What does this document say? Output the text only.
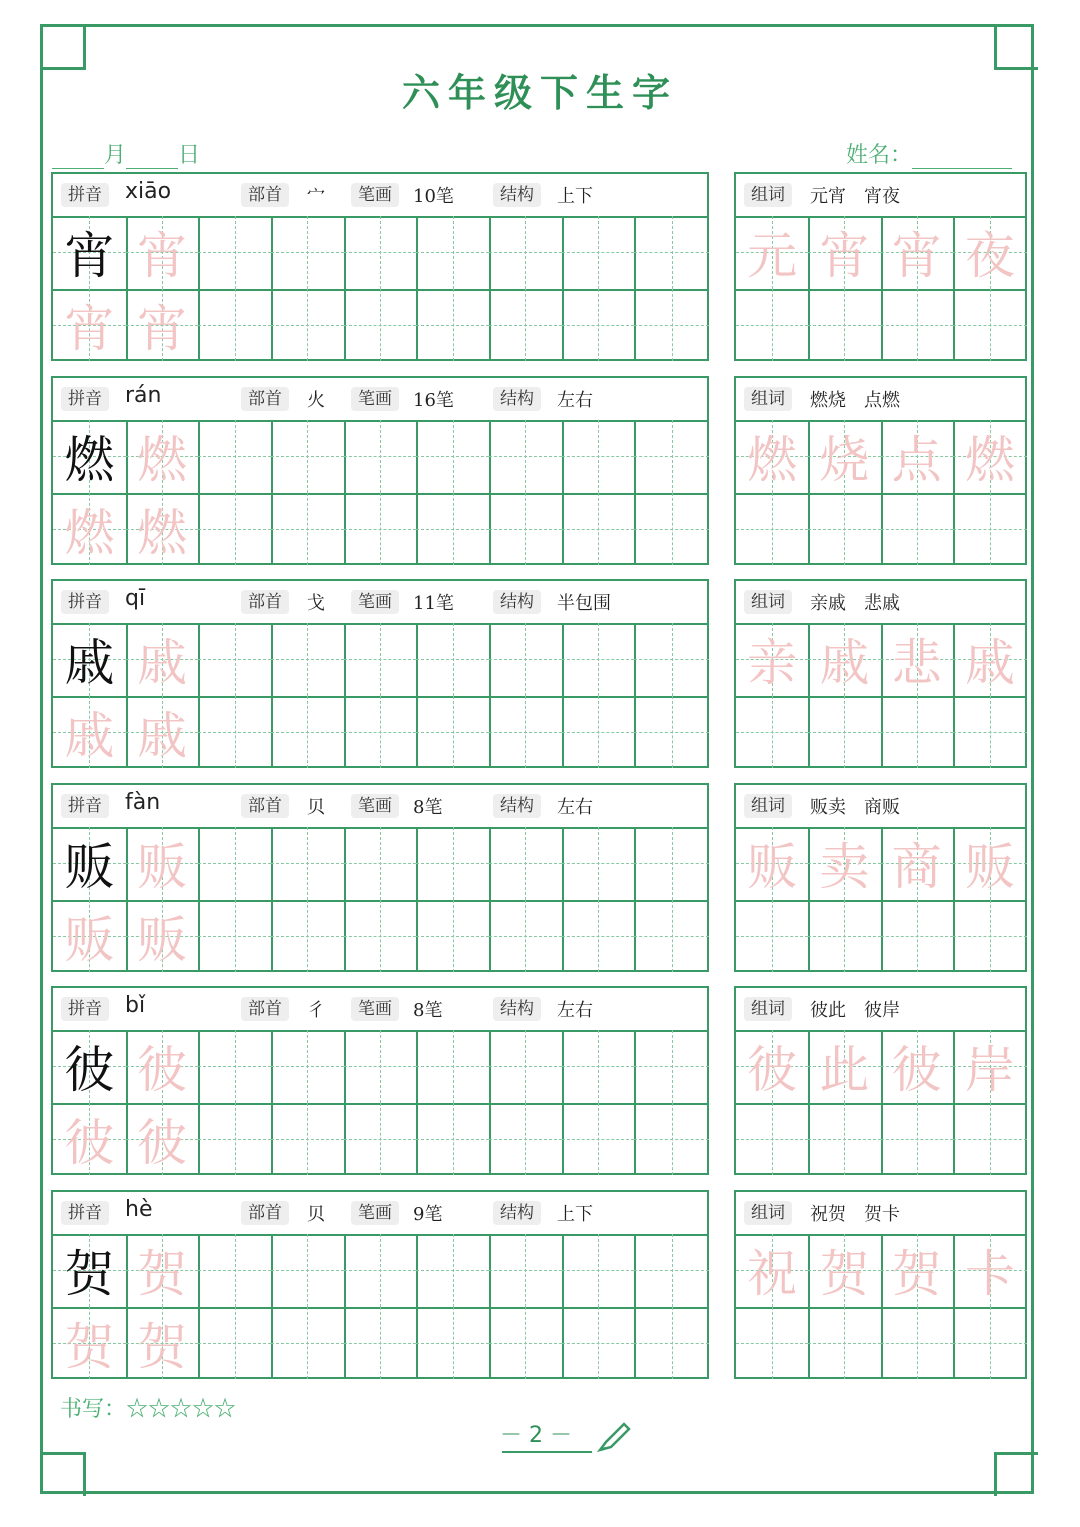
六年级下生字
月 日	姓名：
拼音	xiāo	部首	宀	笔画	10笔	结构	上下
宵 宵
宵 宵
组词	元宵　宵夜
元 宵 宵 夜
拼音	rán	部首	火	笔画	16笔	结构	左右
燃 燃
燃 燃
组词	燃烧　点燃
燃 烧 点 燃
拼音	qī	部首	戈	笔画	11笔	结构	半包围
戚 戚
戚 戚
组词	亲戚　悲戚
亲 戚 悲 戚
拼音	fàn	部首	贝	笔画	8笔	结构	左右
贩 贩
贩 贩
组词	贩卖　商贩
贩 卖 商 贩
拼音	bǐ	部首	彳	笔画	8笔	结构	左右
彼 彼
彼 彼
组词	彼此　彼岸
彼 此 彼 岸
拼音	hè	部首	贝	笔画	9笔	结构	上下
贺 贺
贺 贺
组词	祝贺　贺卡
祝 贺 贺 卡
书写：☆☆☆☆☆
－ 2 －
